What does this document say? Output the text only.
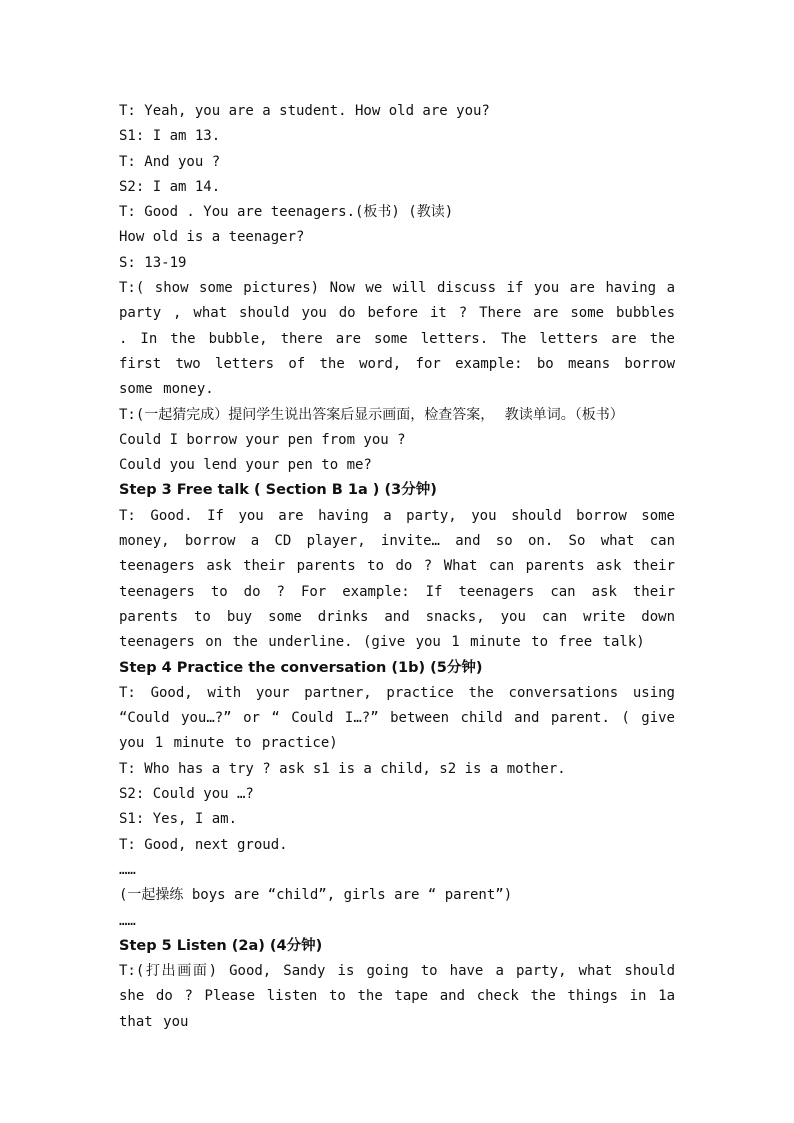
T: Yeah, you are a student. How old are you?
S1: I am 13.
T: And you ?
S2: I am 14.
T: Good . You are teenagers.(板书) (教读)
How old is a teenager?
S: 13-19
T:( show some pictures) Now we will discuss if you are having a party , what should you do before it ? There are some bubbles . In the bubble, there are some letters. The letters are the first two letters of the word, for example: bo means borrow some money.
T:(一起猜完成）提问学生说出答案后显示画面，检查答案， 教读单词。（板书）
Could I borrow your pen from you ?
Could you lend your pen to me?
Step 3 Free talk ( Section B 1a ) (3分钟)
T: Good. If you are having a party, you should borrow some money, borrow a CD player, invite… and so on. So what can teenagers ask their parents to do ? What can parents ask their teenagers to do ? For example: If teenagers can ask their parents to buy some drinks and snacks, you can write down teenagers on the underline. (give you 1 minute to free talk)
Step 4 Practice the conversation (1b) (5分钟)
T: Good, with your partner, practice the conversations using “Could you…?” or “ Could I…?” between child and parent. ( give you 1 minute to practice)
T: Who has a try ? ask s1 is a child, s2 is a mother.
S2: Could you …?
S1: Yes, I am.
T: Good, next groud.
……
(一起操练 boys are “child”, girls are “ parent”)
……
Step 5 Listen (2a) (4分钟)
T:(打出画面) Good, Sandy is going to have a party, what should she do ? Please listen to the tape and check the things in 1a that you
